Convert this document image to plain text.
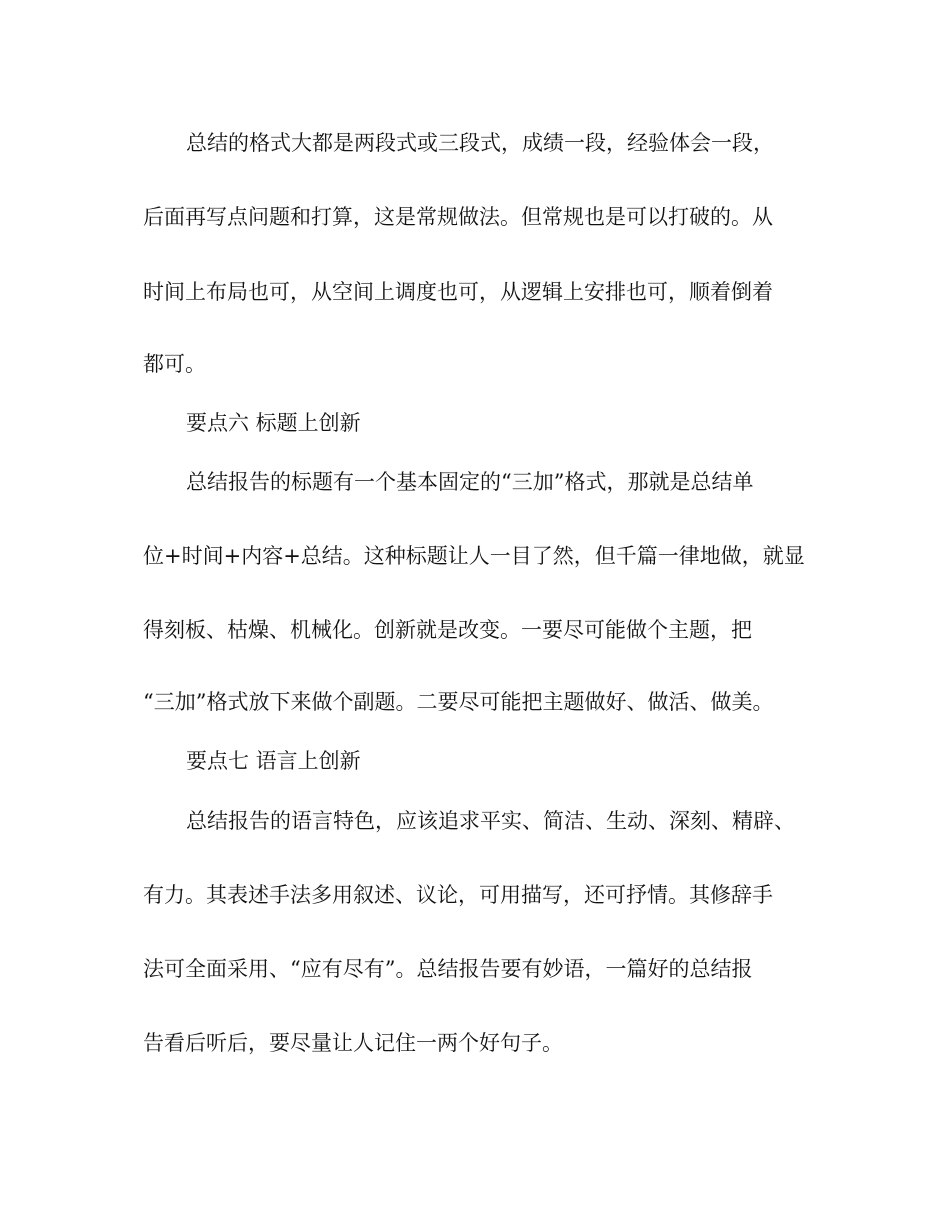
总结的格式大都是两段式或三段式，成绩一段，经验体会一段，
后面再写点问题和打算，这是常规做法。但常规也是可以打破的。从
时间上布局也可，从空间上调度也可，从逻辑上安排也可，顺着倒着
都可。
要点六 标题上创新
总结报告的标题有一个基本固定的“三加”格式，那就是总结单
位+时间+内容+总结。这种标题让人一目了然，但千篇一律地做，就显
得刻板、枯燥、机械化。创新就是改变。一要尽可能做个主题，把
“三加”格式放下来做个副题。二要尽可能把主题做好、做活、做美。
要点七 语言上创新
总结报告的语言特色，应该追求平实、简洁、生动、深刻、精辟、
有力。其表述手法多用叙述、议论，可用描写，还可抒情。其修辞手
法可全面采用、“应有尽有”。总结报告要有妙语，一篇好的总结报
告看后听后，要尽量让人记住一两个好句子。
